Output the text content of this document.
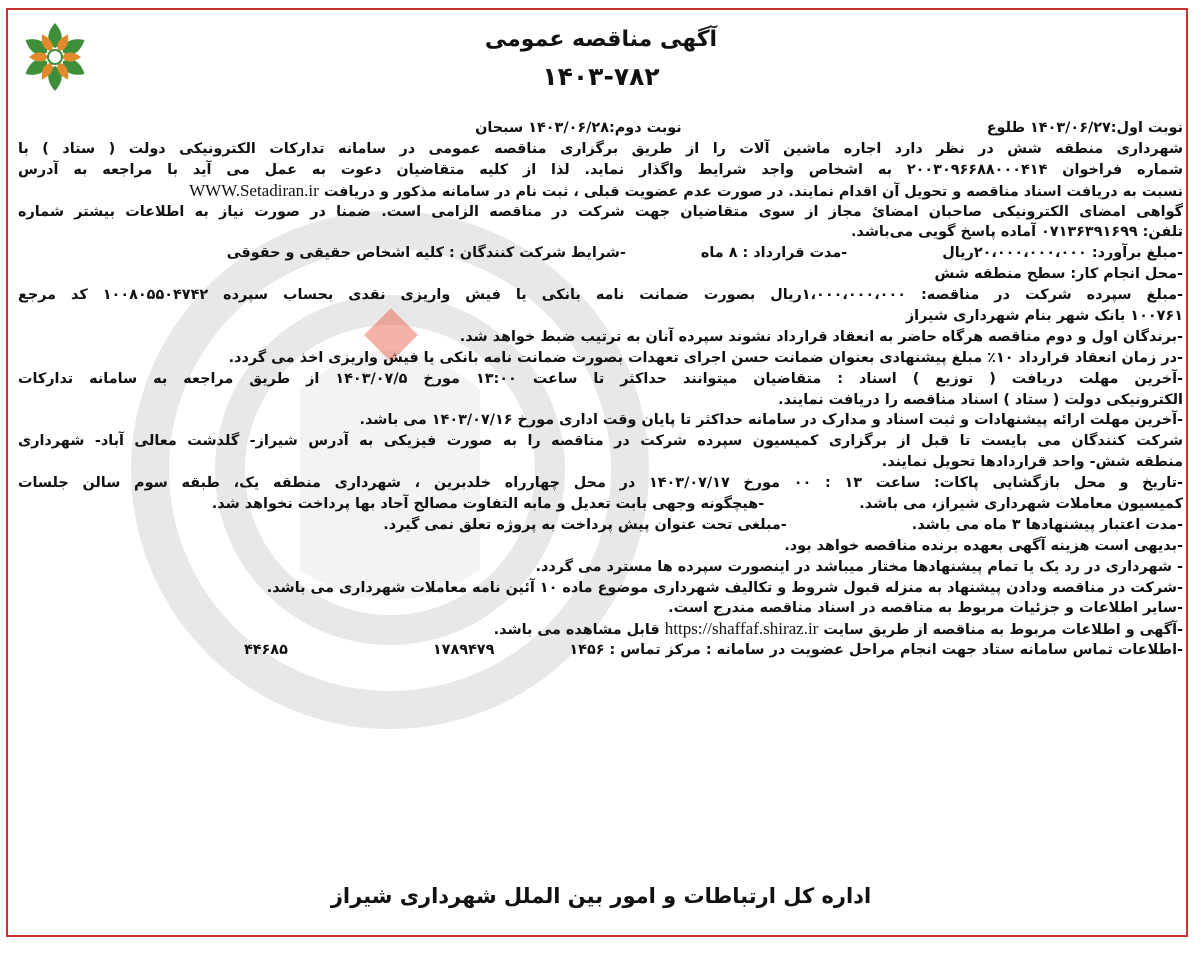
آگهی مناقصه عمومی
۱۴۰۳-۷۸۲
نوبت اول:۱۴۰۳/۰۶/۲۷ طلوع نوبت دوم:۱۴۰۳/۰۶/۲۸ سبحان
شهرداری منطقه شش در نظر دارد اجاره ماشین آلات را از طریق برگزاری مناقصه عمومی در سامانه تدارکات الکترونیکی دولت ( ستاد ) با
شماره فراخوان ۲۰۰۳۰۹۶۶۸۸۰۰۰۴۱۴ به اشخاص واجد شرایط واگذار نماید. لذا از کلیه متقاضیان دعوت به عمل می آید با مراجعه به آدرس
نسبت به دریافت اسناد مناقصه و تحویل آن اقدام نمایند. در صورت عدم عضویت قبلی ، ثبت نام در سامانه مذکور و دریافت WWW.Setadiran.ir
گواهی امضای الکترونیکی صاحبان امضائ مجاز از سوی متقاضیان جهت شرکت در مناقصه الزامی است. ضمنا در صورت نیاز به اطلاعات بیشتر شماره
تلفن: ۰۷۱۳۶۳۹۱۶۹۹ آماده پاسخ گویی می‌باشد.
-مبلغ برآورد: ۲۰،۰۰۰،۰۰۰،۰۰۰ریال -مدت قرارداد : ۸ ماه -شرایط شرکت کنندگان : کلیه اشخاص حقیقی و حقوقی
-محل انجام کار: سطح منطقه شش
-مبلغ سپرده شرکت در مناقصه: ۱،۰۰۰،۰۰۰،۰۰۰ریال بصورت ضمانت نامه بانکی یا فیش واریزی نقدی بحساب سپرده ۱۰۰۸۰۵۵۰۴۷۴۲ کد مرجع
۱۰۰۷۶۱ بانک شهر بنام شهرداری شیراز
-برندگان اول و دوم مناقصه هرگاه حاضر به انعقاد قرارداد نشوند سپرده آنان به ترتیب ضبط خواهد شد.
-در زمان انعقاد قرارداد ۱۰٪ مبلغ پیشنهادی بعنوان ضمانت حسن اجرای تعهدات بصورت ضمانت نامه بانکی یا فیش واریزی اخذ می گردد.
-آخرین مهلت دریافت ( توزیع ) اسناد : متقاضیان میتوانند حداکثر تا ساعت ۱۳:۰۰ مورخ ۱۴۰۳/۰۷/۵ از طریق مراجعه به سامانه تدارکات
الکترونیکی دولت ( ستاد ) اسناد مناقصه را دریافت نمایند.
-آخرین مهلت ارائه پیشنهادات و ثبت اسناد و مدارک در سامانه حداکثر تا پایان وقت اداری مورخ ۱۴۰۳/۰۷/۱۶ می باشد.
شرکت کنندگان می بایست تا قبل از برگزاری کمیسیون سپرده شرکت در مناقصه را به صورت فیزیکی به آدرس شیراز- گلدشت معالی آباد- شهرداری
منطقه شش- واحد قراردادها تحویل نمایند.
-تاریخ و محل بازگشایی پاکات: ساعت ۱۳ : ۰۰ مورخ ۱۴۰۳/۰۷/۱۷ در محل چهارراه خلدبرین ، شهرداری منطقه یک، طبقه سوم سالن جلسات
کمیسیون معاملات شهرداری شیراز، می باشد. -هیچگونه وجهی بابت تعدیل و مابه التفاوت مصالح آحاد بها پرداخت نخواهد شد.
-مدت اعتبار پیشنهادها ۳ ماه می باشد. -مبلغی تحت عنوان پیش پرداخت به پروژه تعلق نمی گیرد.
-بدیهی است هزینه آگهی بعهده برنده مناقصه خواهد بود.
- شهرداری در رد یک یا تمام پیشنهادها مختار میباشد در اینصورت سپرده ها مسترد می گردد.
-شرکت در مناقصه ودادن پیشنهاد به منزله قبول شروط و تکالیف شهرداری موضوع ماده ۱۰ آئین نامه معاملات شهرداری می باشد.
-سایر اطلاعات و جزئیات مربوط به مناقصه در اسناد مناقصه مندرج است.
-آگهی و اطلاعات مربوط به مناقصه از طریق سایت https://shaffaf.shiraz.ir قابل مشاهده می باشد.
-اطلاعات تماس سامانه ستاد جهت انجام مراحل عضویت در سامانه : مرکز تماس : ۱۴۵۶ ۱۷۸۹۴۷۹ ۴۴۶۸۵
اداره کل ارتباطات و امور بین الملل شهرداری شیراز
